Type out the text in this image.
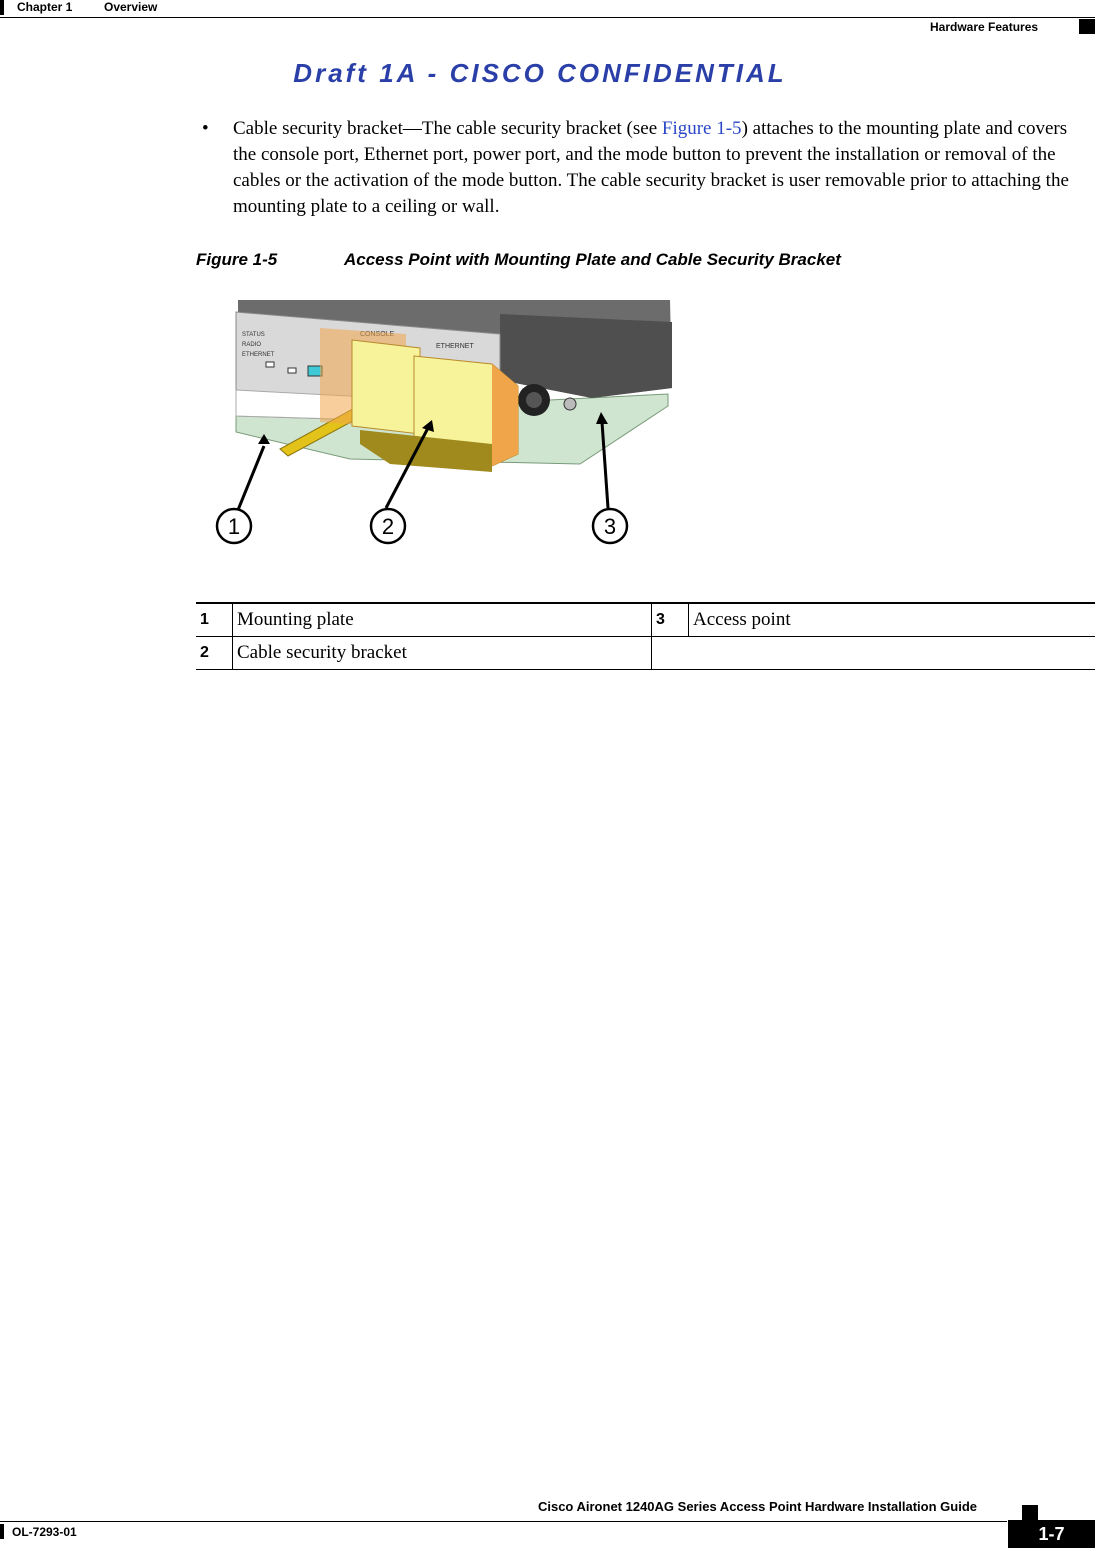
Chapter 1	Overview
Hardware Features
Draft 1A - CISCO CONFIDENTIAL
• Cable security bracket—The cable security bracket (see Figure 1-5) attaches to the mounting plate and covers the console port, Ethernet port, power port, and the mode button to prevent the installation or removal of the cables or the activation of the mode button. The cable security bracket is user removable prior to attaching the mounting plate to a ceiling or wall.
Figure 1-5	Access Point with Mounting Plate and Cable Security Bracket
STATUS
RADIO
ETHERNET
ETHERNET
1	2	3
1	Mounting plate	3	Access point
2	Cable security bracket		
Cisco Aironet 1240AG Series Access Point Hardware Installation Guide
OL-7293-01	1-7
